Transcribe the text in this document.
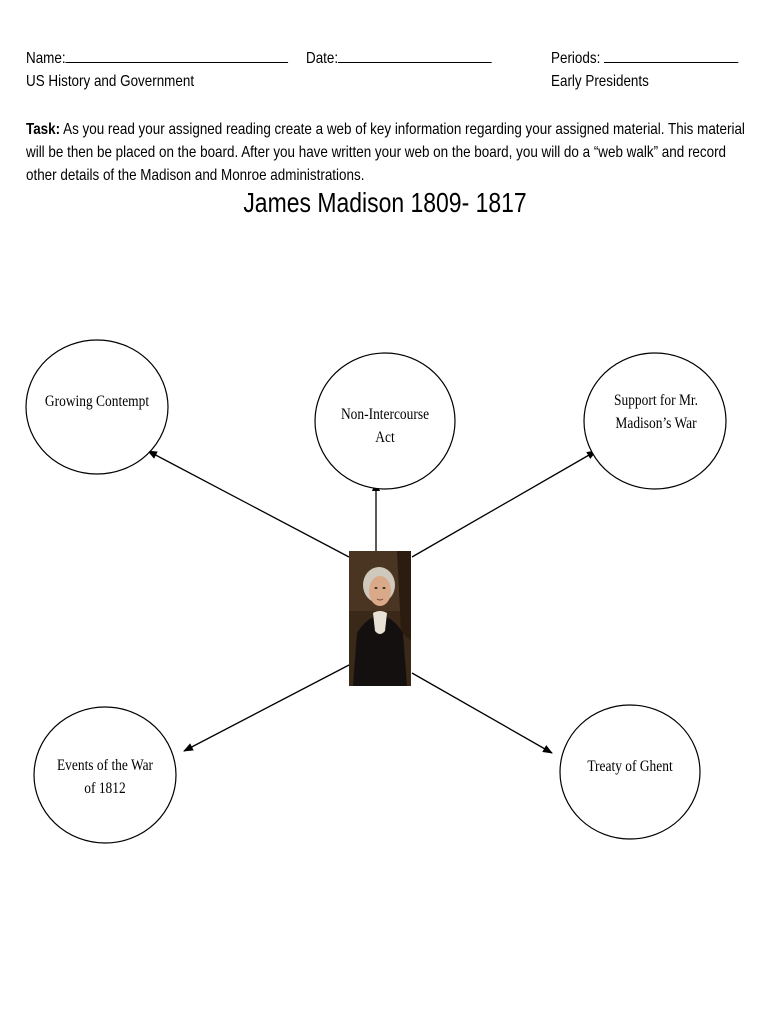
Name:	Date:	Periods:
US History and Government	Early Presidents
Task: As you read your assigned reading create a web of key information regarding your assigned material. This material will be then be placed on the board. After you have written your web on the board, you will do a “web walk” and record other details of the Madison and Monroe administrations.
James Madison 1809- 1817
Growing Contempt
Non-Intercourse
Act
Support for Mr.
Madison’s War
Events of the War
of 1812
Treaty of Ghent
